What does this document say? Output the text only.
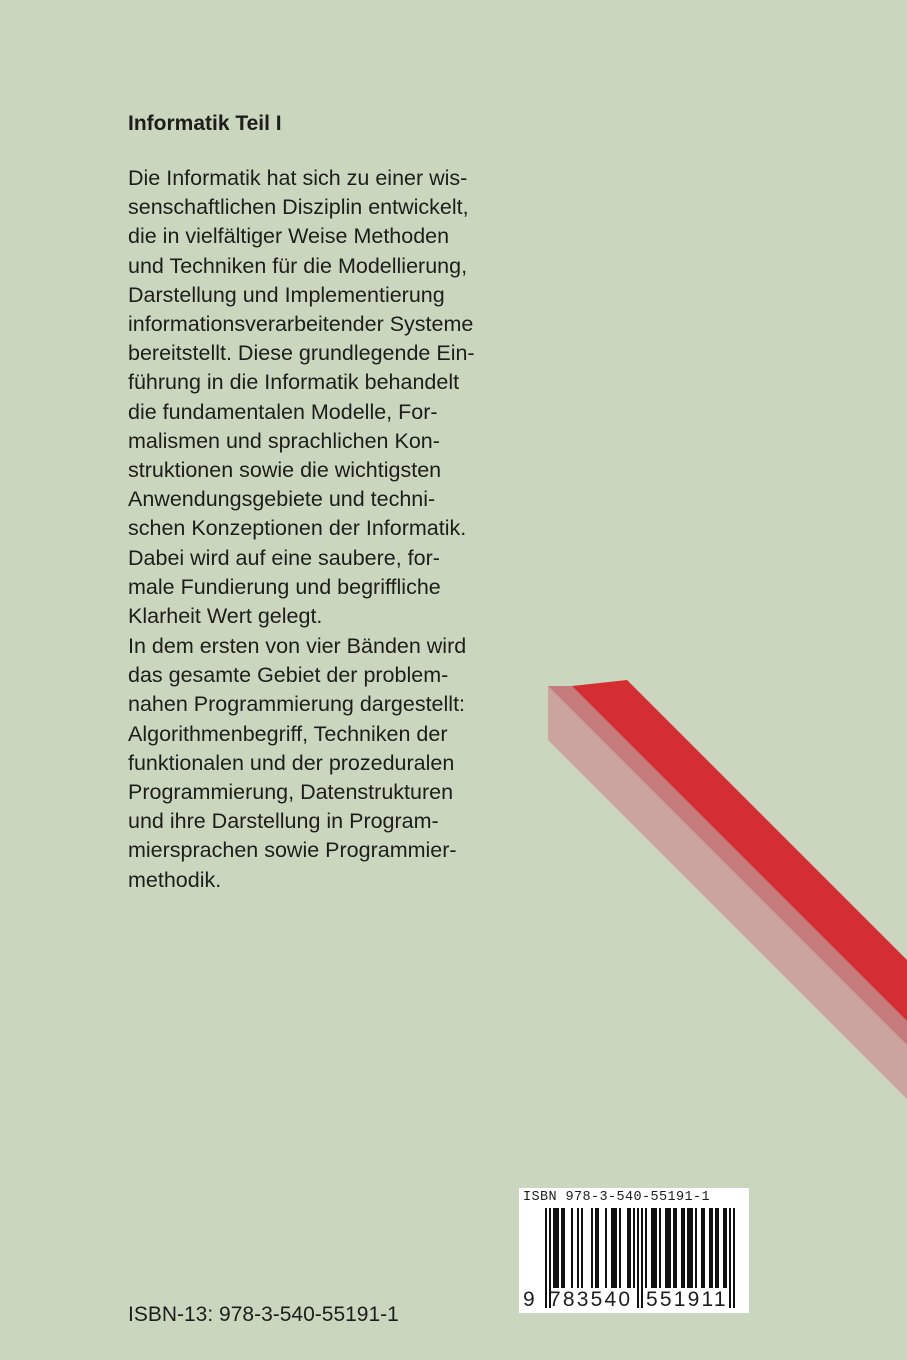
Informatik Teil I

Die Informatik hat sich zu einer wis-
senschaftlichen Disziplin entwickelt,
die in vielfältiger Weise Methoden
und Techniken für die Modellierung,
Darstellung und Implementierung
informationsverarbeitender Systeme
bereitstellt. Diese grundlegende Ein-
führung in die Informatik behandelt
die fundamentalen Modelle, For-
malismen und sprachlichen Kon-
struktionen sowie die wichtigsten
Anwendungsgebiete und techni-
schen Konzeptionen der Informatik.
Dabei wird auf eine saubere, for-
male Fundierung und begriffliche
Klarheit Wert gelegt.

In dem ersten von vier Bänden wird
das gesamte Gebiet der problem-
nahen Programmierung dargestellt:
Algorithmenbegriff, Techniken der
funktionalen und der prozeduralen
Programmierung, Datenstrukturen
und ihre Darstellung in Program-
miersprachen sowie Programmier-
methodik.

ISBN 978-3-540-55191-1
9 783540 551911
ISBN-13: 978-3-540-55191-1
